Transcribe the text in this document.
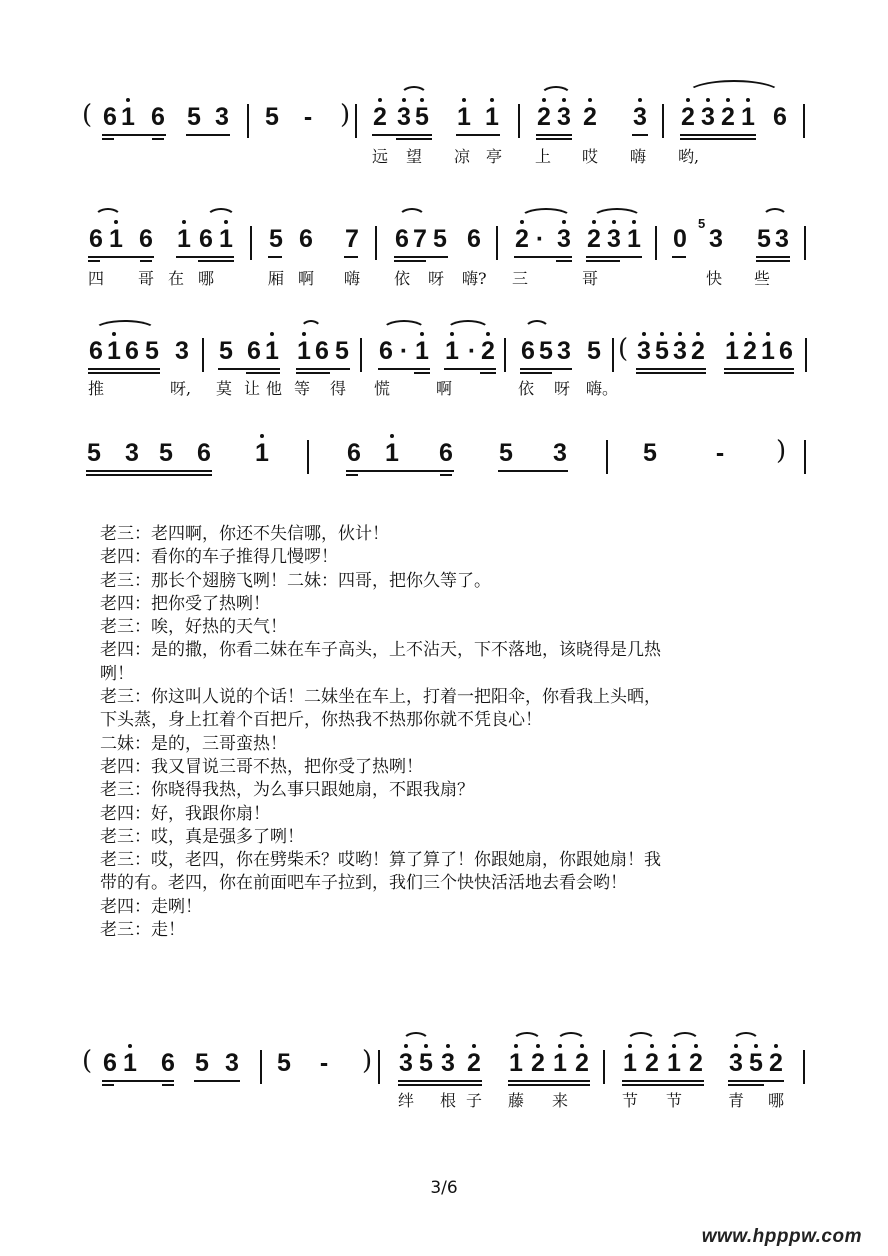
( 6 1 6 5 3 5 - ) 2 3 5 1 1 2 3 2 3 2 3 2 1 6
远 望 凉 亭 上 哎 嗨 哟,
6 1 6 1 6 1 5 6 7 6 7 5 6 2 · 3 2 3 1 0
5
3 5 3
四 哥 在 哪	厢 啊 嗨 依 呀 嗨? 三	哥	快 些
6 1 6 5 3 5 6 1 1 6 5 6 · 1 1 · 2 6 5 3 5 ( 3 5 3 2 1 2 1 6
推	呀, 莫 让 他 等 得 慌	啊	依 呀 嗨。
5 3 5 6 1	6 1 6 5 3	5 - )
老三：老四啊，你还不失信哪，伙计！
老四：看你的车子推得几慢啰！
老三：那长个翅膀飞咧！二妹：四哥，把你久等了。
老四：把你受了热咧！
老三：唉，好热的天气！
老四：是的撒，你看二妹在车子高头，上不沾天，下不落地，该晓得是几热
咧！
老三：你这叫人说的个话！二妹坐在车上，打着一把阳伞，你看我上头晒，
下头蒸，身上扛着个百把斤，你热我不热那你就不凭良心！
二妹：是的，三哥蛮热！
老四：我又冒说三哥不热，把你受了热咧！
老三：你晓得我热，为么事只跟她扇，不跟我扇？
老四：好，我跟你扇！
老三：哎，真是强多了咧！
老三：哎，老四，你在劈柴禾？哎哟！算了算了！你跟她扇，你跟她扇！我
带的有。老四，你在前面吧车子拉到，我们三个快快活活地去看会哟！
老四：走咧！
老三：走！
( 6 1 6 5 3 5 - ) 3 5 3 2 1 2 1 2 1 2 1 2 3 5 2
绊 根 子 藤 来	节 节	青 哪
3/6
www.hpppw.com
